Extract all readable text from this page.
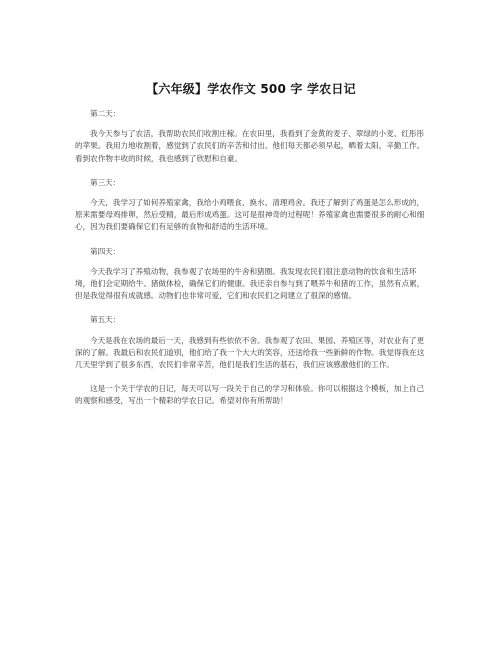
【六年级】学农作文 500 字 学农日记
第二天：
我今天参与了农活，我帮助农民们收割庄稼。在农田里，我看到了金黄的麦子、翠绿的小麦、红彤彤的苹果。我用力地收割着，感觉到了农民们的辛苦和付出。他们每天都必须早起，晒着太阳，辛勤工作。看到农作物丰收的时候，我也感到了欣慰和自豪。
第三天：
今天，我学习了如何养殖家禽，我给小鸡喂食、换水、清理鸡舍。我还了解到了鸡蛋是怎么形成的，原来需要母鸡排卵，然后受精，最后形成鸡蛋。这可是很神奇的过程呢！养殖家禽也需要很多的耐心和细心，因为我们要确保它们有足够的食物和舒适的生活环境。
第四天：
今天我学习了养殖动物，我参观了农场里的牛舍和猪圈。我发现农民们很注意动物的饮食和生活环境，他们会定期给牛、猪做体检，确保它们的健康。我还亲自参与到了喂养牛和猪的工作，虽然有点累，但是我觉得很有成就感。动物们也非常可爱，它们和农民们之间建立了很深的感情。
第五天：
今天是我在农场的最后一天，我感到有些依依不舍。我参观了农田、果园、养殖区等，对农业有了更深的了解。我最后和农民们道别，他们给了我一个大大的笑容，还送给我一些新鲜的作物。我觉得我在这几天里学到了很多东西，农民们非常辛苦，他们是我们生活的基石，我们应该感激他们的工作。
这是一个关于学农的日记，每天可以写一段关于自己的学习和体验。你可以根据这个模板，加上自己的观察和感受，写出一个精彩的学农日记。希望对你有所帮助！
